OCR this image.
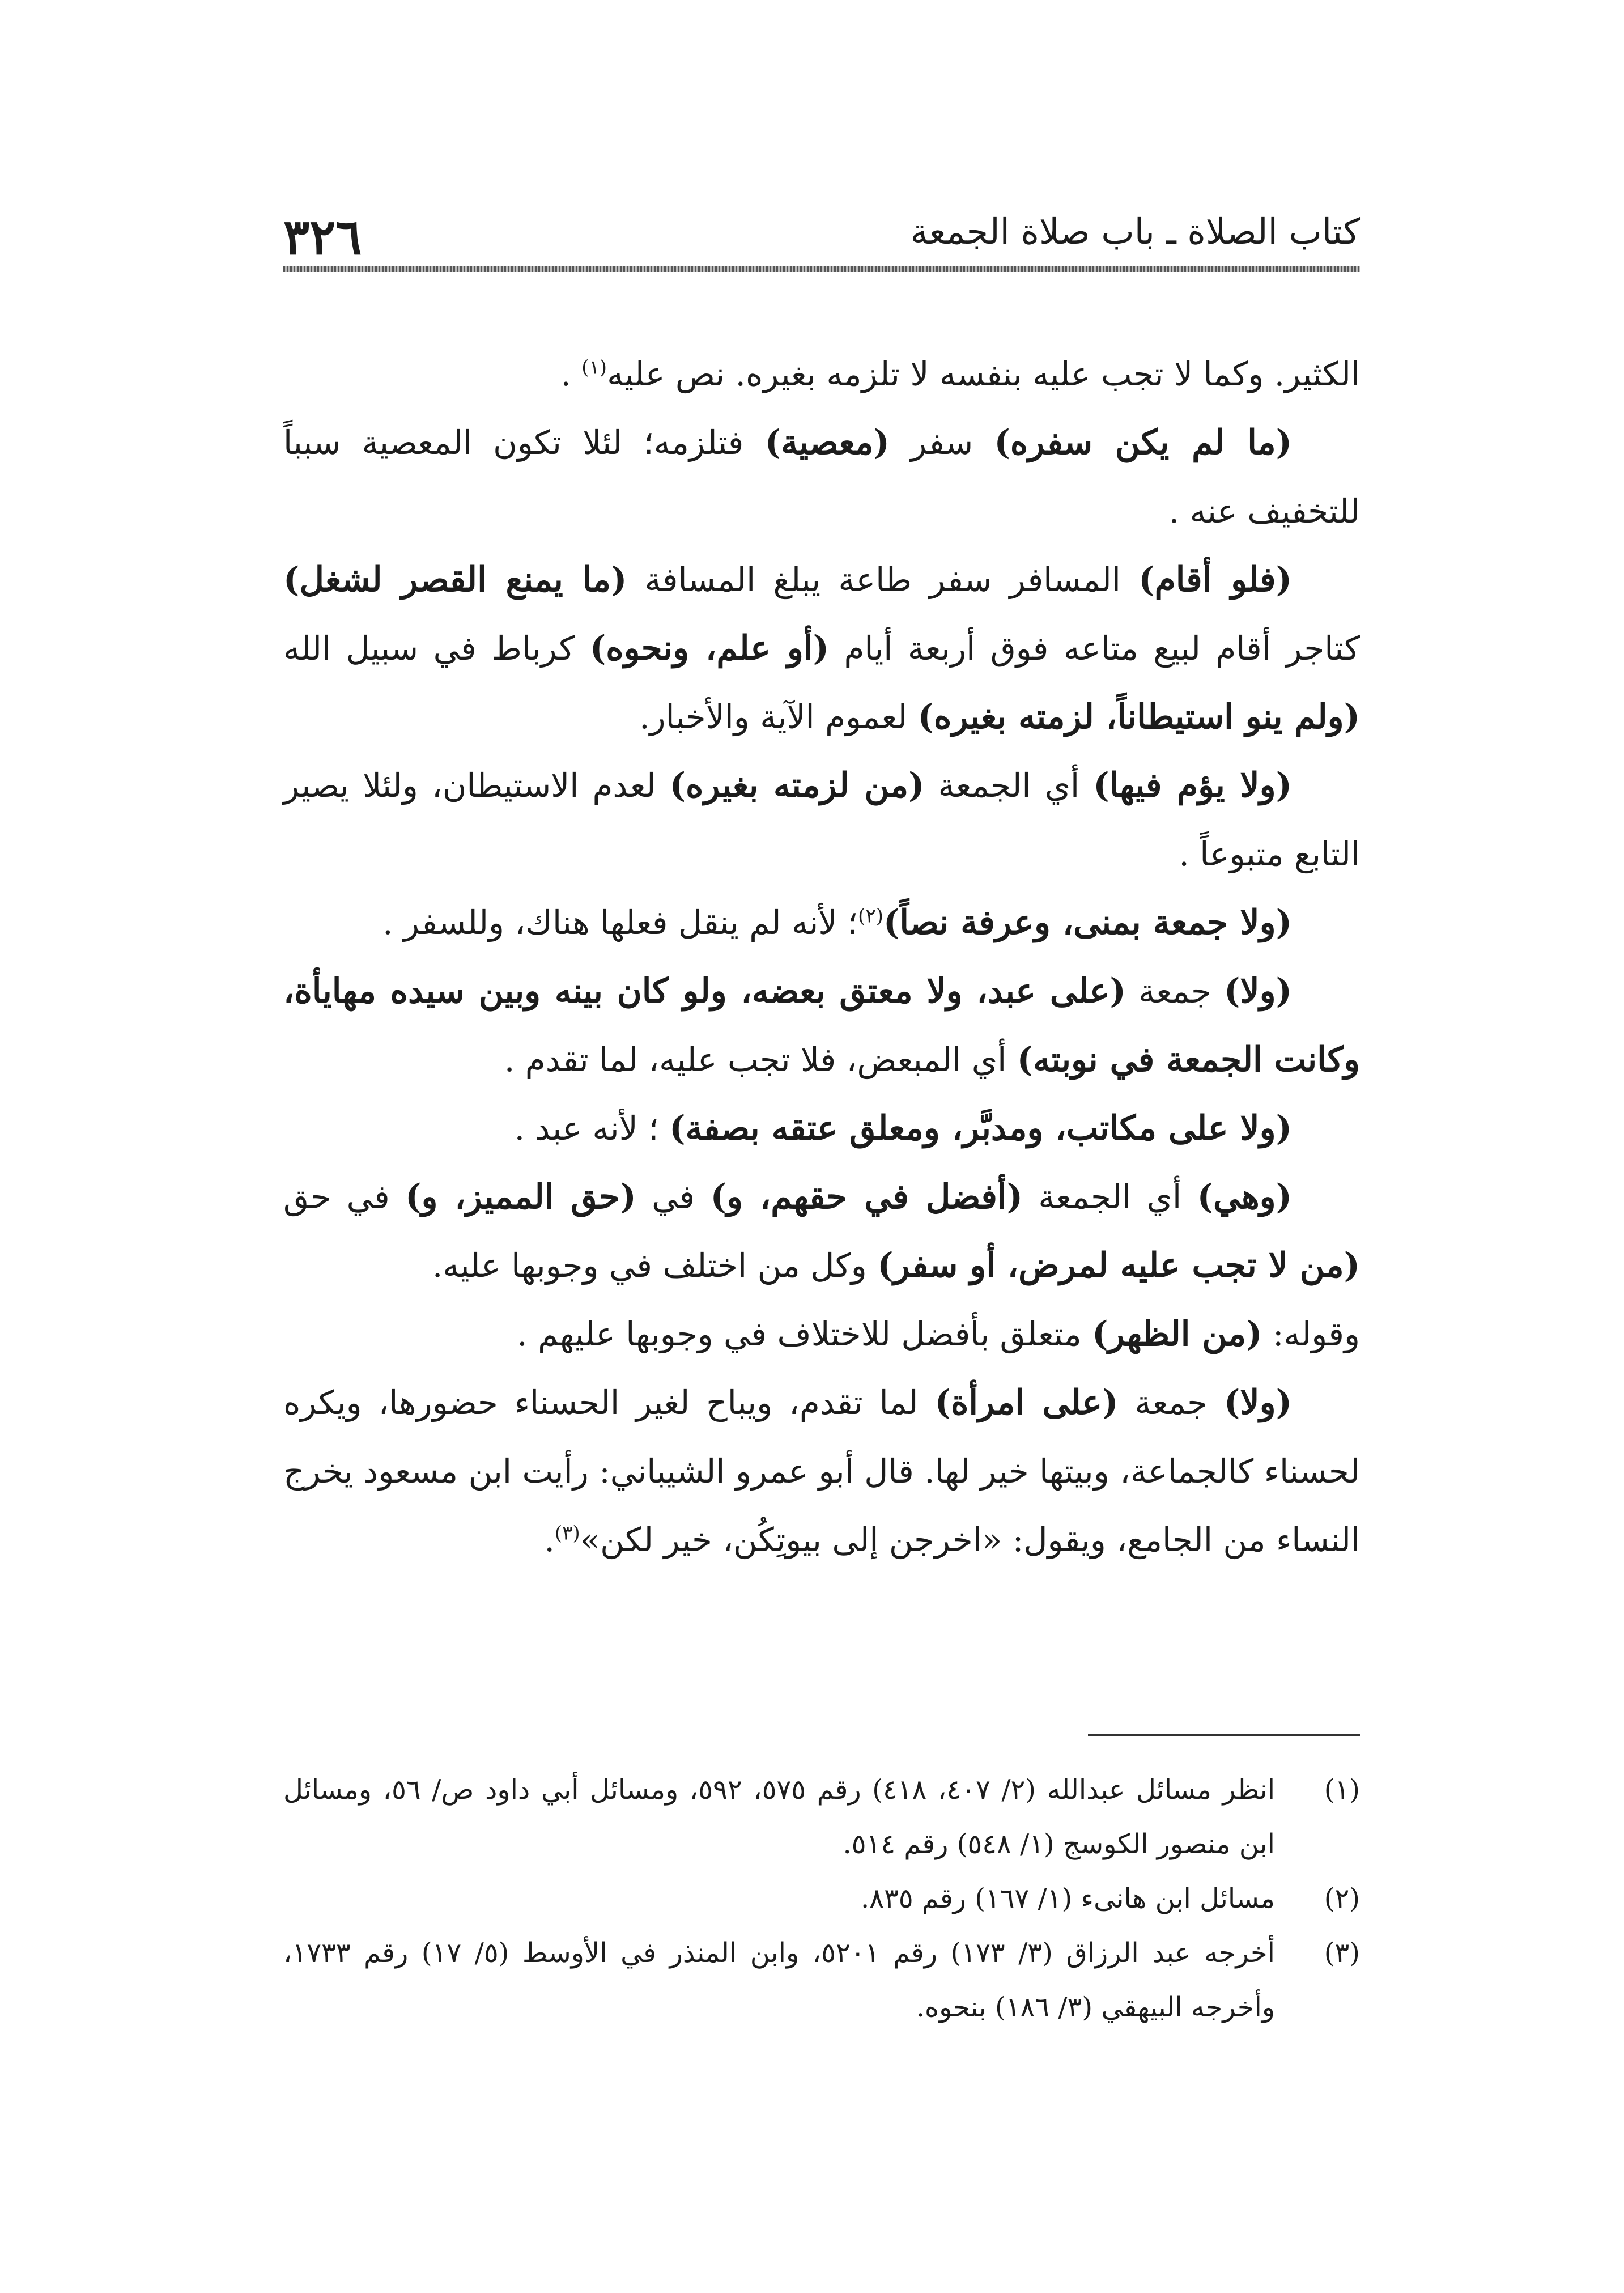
٣٢٦	كتاب الصلاة ـ باب صلاة الجمعة

الكثير. وكما لا تجب عليه بنفسه لا تلزمه بغيره. نص عليه$^{(١)}$ .

(ما لم يكن سفره) سفر (معصية) فتلزمه؛ لئلا تكون المعصية سبباً للتخفيف عنه .

(فلو أقام) المسافر سفر طاعة يبلغ المسافة (ما يمنع القصر لشغل) كتاجر أقام لبيع متاعه فوق أربعة أيام (أو علم، ونحوه) كرباط في سبيل الله (ولم ينو استيطاناً، لزمته بغيره) لعموم الآية والأخبار.

(ولا يؤم فيها) أي الجمعة (من لزمته بغيره) لعدم الاستيطان، ولئلا يصير التابع متبوعاً .

(ولا جمعة بمنى، وعرفة نصاً)$^{(٢)}$؛ لأنه لم ينقل فعلها هناك، وللسفر .

(ولا) جمعة (على عبد، ولا معتق بعضه، ولو كان بينه وبين سيده مهايأة، وكانت الجمعة في نوبته) أي المبعض، فلا تجب عليه، لما تقدم .

(ولا على مكاتب، ومدبَّر، ومعلق عتقه بصفة) ؛ لأنه عبد .

(وهي) أي الجمعة (أفضل في حقهم، و) في (حق المميز، و) في حق (من لا تجب عليه لمرض، أو سفر) وكل من اختلف في وجوبها عليه.

وقوله: (من الظهر) متعلق بأفضل للاختلاف في وجوبها عليهم .

(ولا) جمعة (على امرأة) لما تقدم، ويباح لغير الحسناء حضورها، ويكره لحسناء كالجماعة، وبيتها خير لها. قال أبو عمرو الشيباني: رأيت ابن مسعود يخرج النساء من الجامع، ويقول: «اخرجن إلى بيوتِكُن، خير لكن»$^{(٣)}$.

(١)
انظر مسائل عبدالله (٢/ ٤٠٧، ٤١٨) رقم ٥٧٥، ٥٩٢، ومسائل أبي داود ص/ ٥٦، ومسائل ابن منصور الكوسج (١/ ٥٤٨) رقم ٥١٤.
(٢)
مسائل ابن هانىء (١/ ١٦٧) رقم ٨٣٥.
(٣)
أخرجه عبد الرزاق (٣/ ١٧٣) رقم ٥٢٠١، وابن المنذر في الأوسط (٥/ ١٧) رقم ١٧٣٣، وأخرجه البيهقي (٣/ ١٨٦) بنحوه.
